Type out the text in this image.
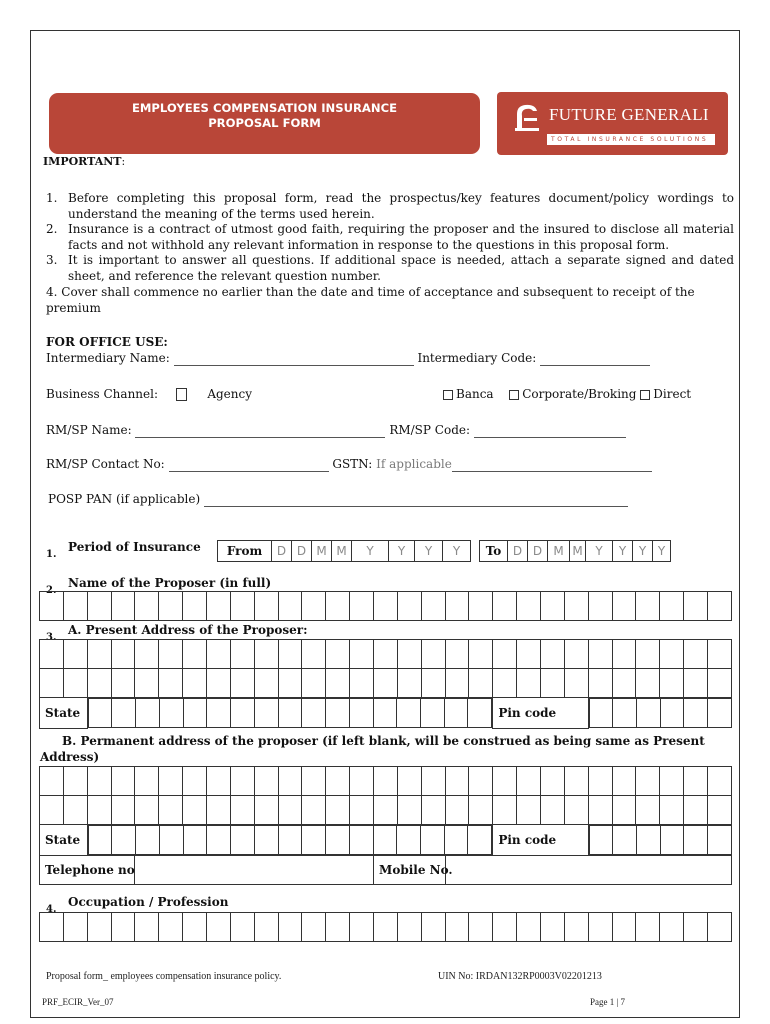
EMPLOYEES COMPENSATION INSURANCE
PROPOSAL FORM	FUTURE GENERALI
TOTAL INSURANCE SOLUTIONS
IMPORTANT:
1. Before completing this proposal form, read the prospectus/key features document/policy wordings to understand the meaning of the terms used herein.
2. Insurance is a contract of utmost good faith, requiring the proposer and the insured to disclose all material facts and not withhold any relevant information in response to the questions in this proposal form.
3. It is important to answer all questions. If additional space is needed, attach a separate signed and dated sheet, and reference the relevant question number.
4. Cover shall commence no earlier than the date and time of acceptance and subsequent to receipt of the premium
FOR OFFICE USE:
Intermediary Name:	Intermediary Code:
Business Channel:	Agency	Banca Corporate/Broking Direct
RM/SP Name:	RM/SP Code:
RM/SP Contact No:	GSTN: If applicable
POSP PAN (if applicable)
1.
Period of Insurance	From	D D M M	Y	Y	Y	Y	To D D M M	Y	Y	Y Y
2.
Name of the Proposer (in full)

3.
A. Present Address of the Proposer:

State																		Pin code	

B. Permanent address of the proposer (if left blank, will be construed as being same as Present Address)

State																		Pin code	

Telephone no		Mobile No.	
4.
Occupation / Profession

Proposal form_ employees compensation insurance policy.	UIN No: IRDAN132RP0003V02201213
PRF_ECIR_Ver_07	Page 1 | 7
